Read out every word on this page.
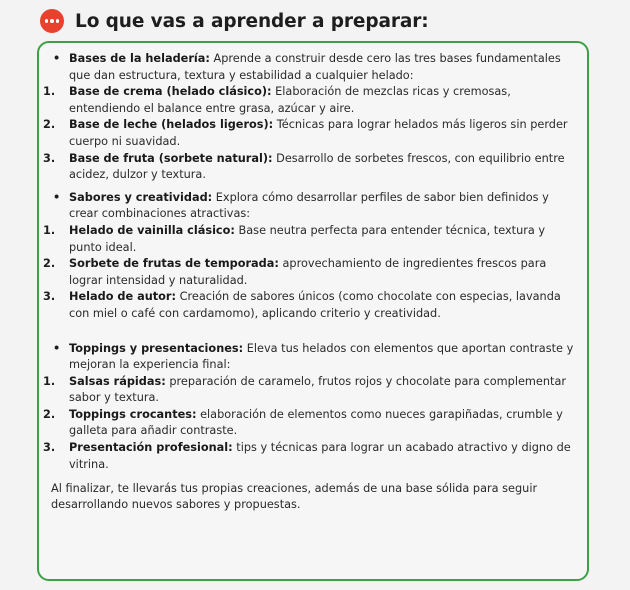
Lo que vas a aprender a preparar:
• Bases de la heladería: Aprende a construir desde cero las tres bases fundamentales que dan estructura, textura y estabilidad a cualquier helado:
1.	Base de crema (helado clásico): Elaboración de mezclas ricas y cremosas, entendiendo el balance entre grasa, azúcar y aire.
2.	Base de leche (helados ligeros): Técnicas para lograr helados más ligeros sin perder cuerpo ni suavidad.
3.	Base de fruta (sorbete natural): Desarrollo de sorbetes frescos, con equilibrio entre acidez, dulzor y textura.
• Sabores y creatividad: Explora cómo desarrollar perfiles de sabor bien definidos y crear combinaciones atractivas:
1.	Helado de vainilla clásico: Base neutra perfecta para entender técnica, textura y punto ideal.
2.	Sorbete de frutas de temporada: aprovechamiento de ingredientes frescos para lograr intensidad y naturalidad.
3.	Helado de autor: Creación de sabores únicos (como chocolate con especias, lavanda con miel o café con cardamomo), aplicando criterio y creatividad.
• Toppings y presentaciones: Eleva tus helados con elementos que aportan contraste y mejoran la experiencia final:
1.	Salsas rápidas: preparación de caramelo, frutos rojos y chocolate para complementar sabor y textura.
2.	Toppings crocantes: elaboración de elementos como nueces garapiñadas, crumble y galleta para añadir contraste.
3.	Presentación profesional: tips y técnicas para lograr un acabado atractivo y digno de vitrina.
Al finalizar, te llevarás tus propias creaciones, además de una base sólida para seguir desarrollando nuevos sabores y propuestas.
